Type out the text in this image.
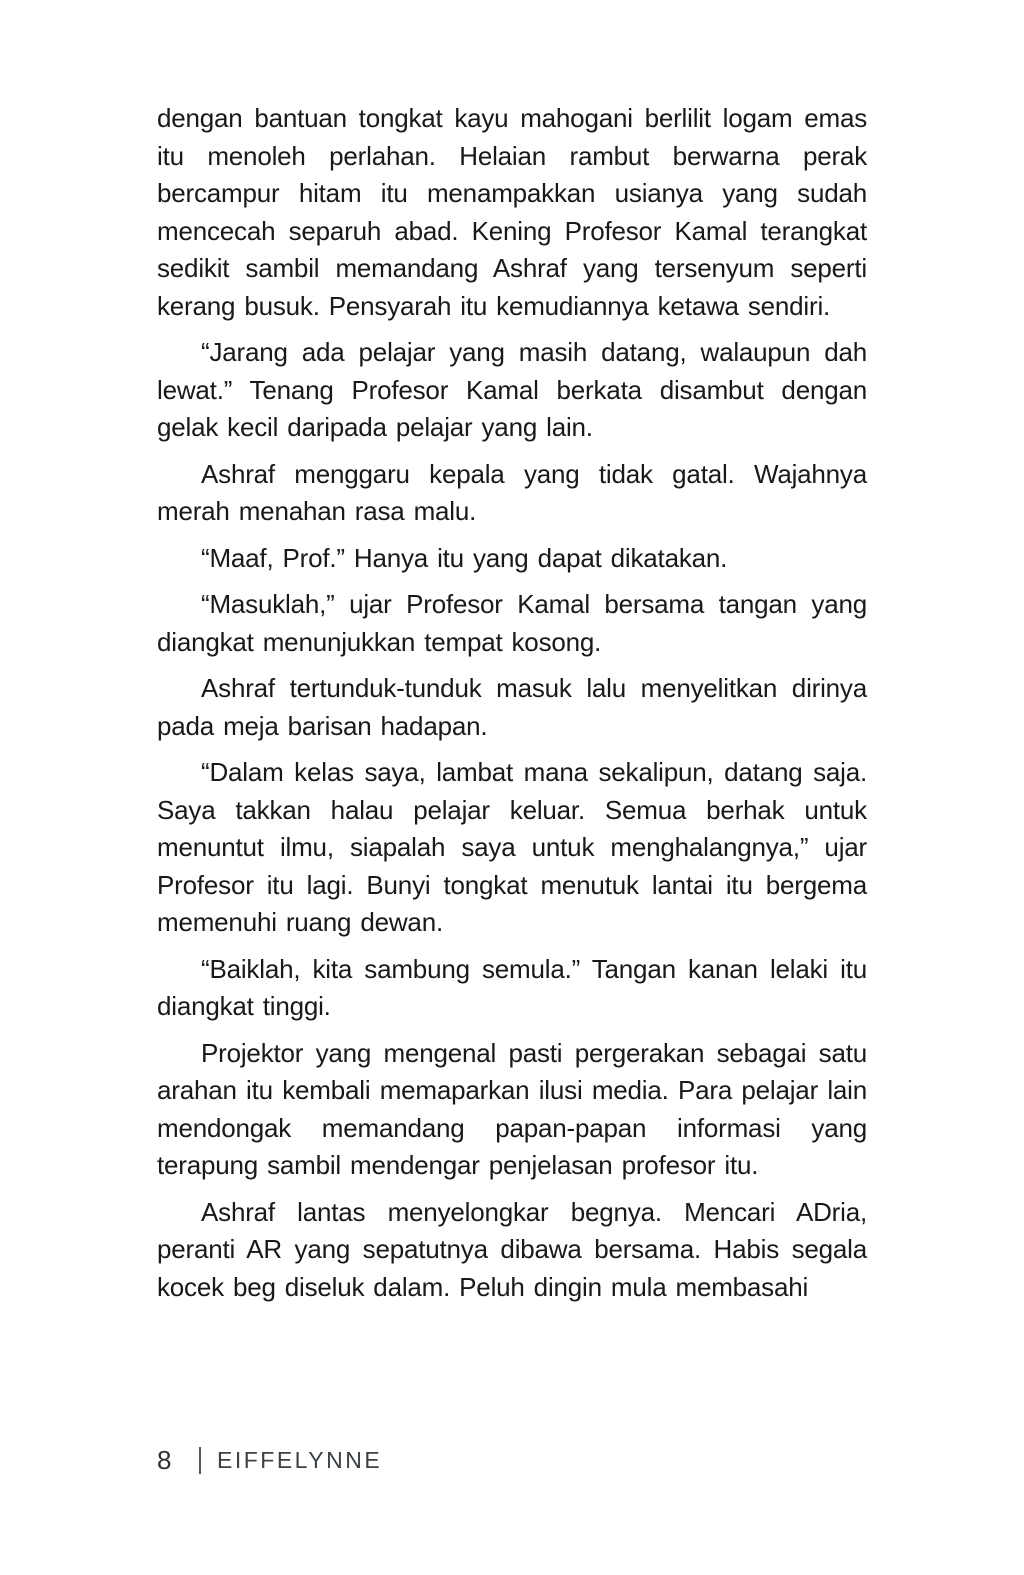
dengan bantuan tongkat kayu mahogani berlilit logam emas itu menoleh perlahan. Helaian rambut berwarna perak bercampur hitam itu menampakkan usianya yang sudah mencecah separuh abad. Kening Profesor Kamal terangkat sedikit sambil memandang Ashraf yang tersenyum seperti kerang busuk. Pensyarah itu kemudiannya ketawa sendiri.

“Jarang ada pelajar yang masih datang, walaupun dah lewat.” Tenang Profesor Kamal berkata disambut dengan gelak kecil daripada pelajar yang lain.

Ashraf menggaru kepala yang tidak gatal. Wajahnya merah menahan rasa malu.

“Maaf, Prof.” Hanya itu yang dapat dikatakan.

“Masuklah,” ujar Profesor Kamal bersama tangan yang diangkat menunjukkan tempat kosong.

Ashraf tertunduk-tunduk masuk lalu menyelitkan dirinya pada meja barisan hadapan.

“Dalam kelas saya, lambat mana sekalipun, datang saja. Saya takkan halau pelajar keluar. Semua berhak untuk menuntut ilmu, siapalah saya untuk menghalangnya,” ujar Profesor itu lagi. Bunyi tongkat menutuk lantai itu bergema memenuhi ruang dewan.

“Baiklah, kita sambung semula.” Tangan kanan lelaki itu diangkat tinggi.

Projektor yang mengenal pasti pergerakan sebagai satu arahan itu kembali memaparkan ilusi media. Para pelajar lain mendongak memandang papan-papan informasi yang terapung sambil mendengar penjelasan profesor itu.

Ashraf lantas menyelongkar begnya. Mencari ADria, peranti AR yang sepatutnya dibawa bersama. Habis segala kocek beg diseluk dalam. Peluh dingin mula membasahi

8	EIFFELYNNE
